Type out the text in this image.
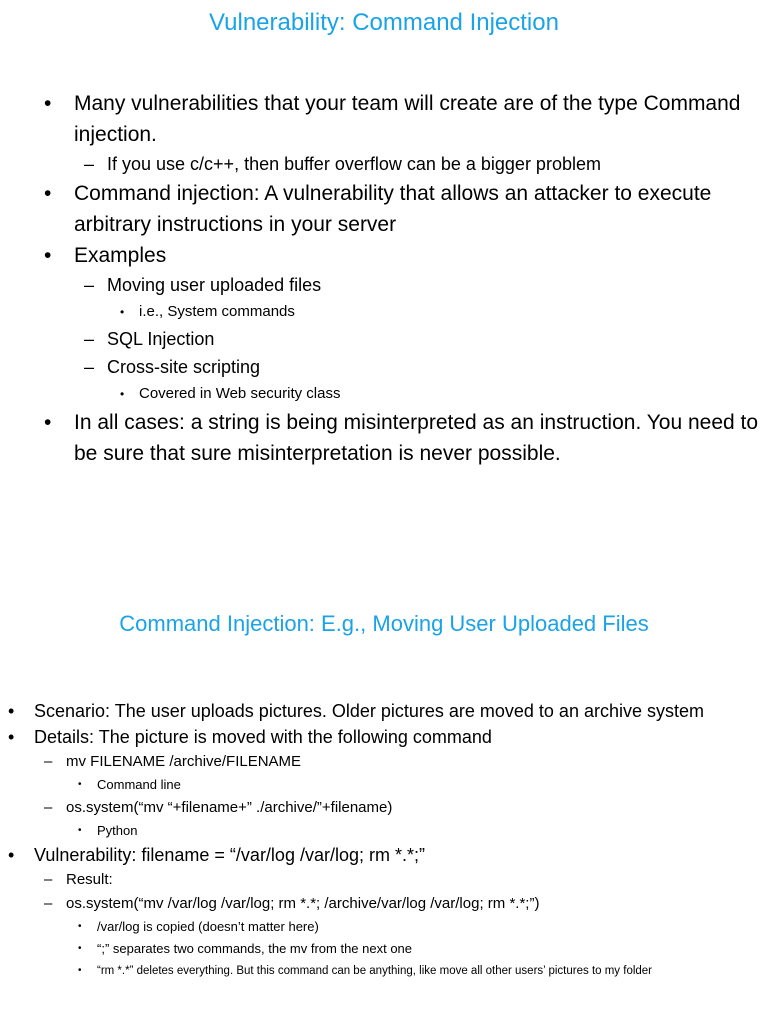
Vulnerability: Command Injection
• Many vulnerabilities that your team will create are of the type Command injection.
– If you use c/c++, then buffer overflow can be a bigger problem
• Command injection: A vulnerability that allows an attacker to execute arbitrary instructions in your server
• Examples
– Moving user uploaded files
• i.e., System commands
– SQL Injection
– Cross-site scripting
• Covered in Web security class
• In all cases: a string is being misinterpreted as an instruction. You need to be sure that sure misinterpretation is never possible.
Command Injection: E.g., Moving User Uploaded Files
• Scenario: The user uploads pictures. Older pictures are moved to an archive system
• Details: The picture is moved with the following command
– mv FILENAME /archive/FILENAME
• Command line
– os.system(“mv “+filename+” ./archive/”+filename)
• Python
• Vulnerability: filename = “/var/log /var/log; rm *.*;”
– Result:
– os.system(“mv /var/log /var/log; rm *.*; /archive/var/log /var/log; rm *.*;”)
• /var/log is copied (doesn’t matter here)
• “;” separates two commands, the mv from the next one
• “rm *.*” deletes everything. But this command can be anything, like move all other users’ pictures to my folder
